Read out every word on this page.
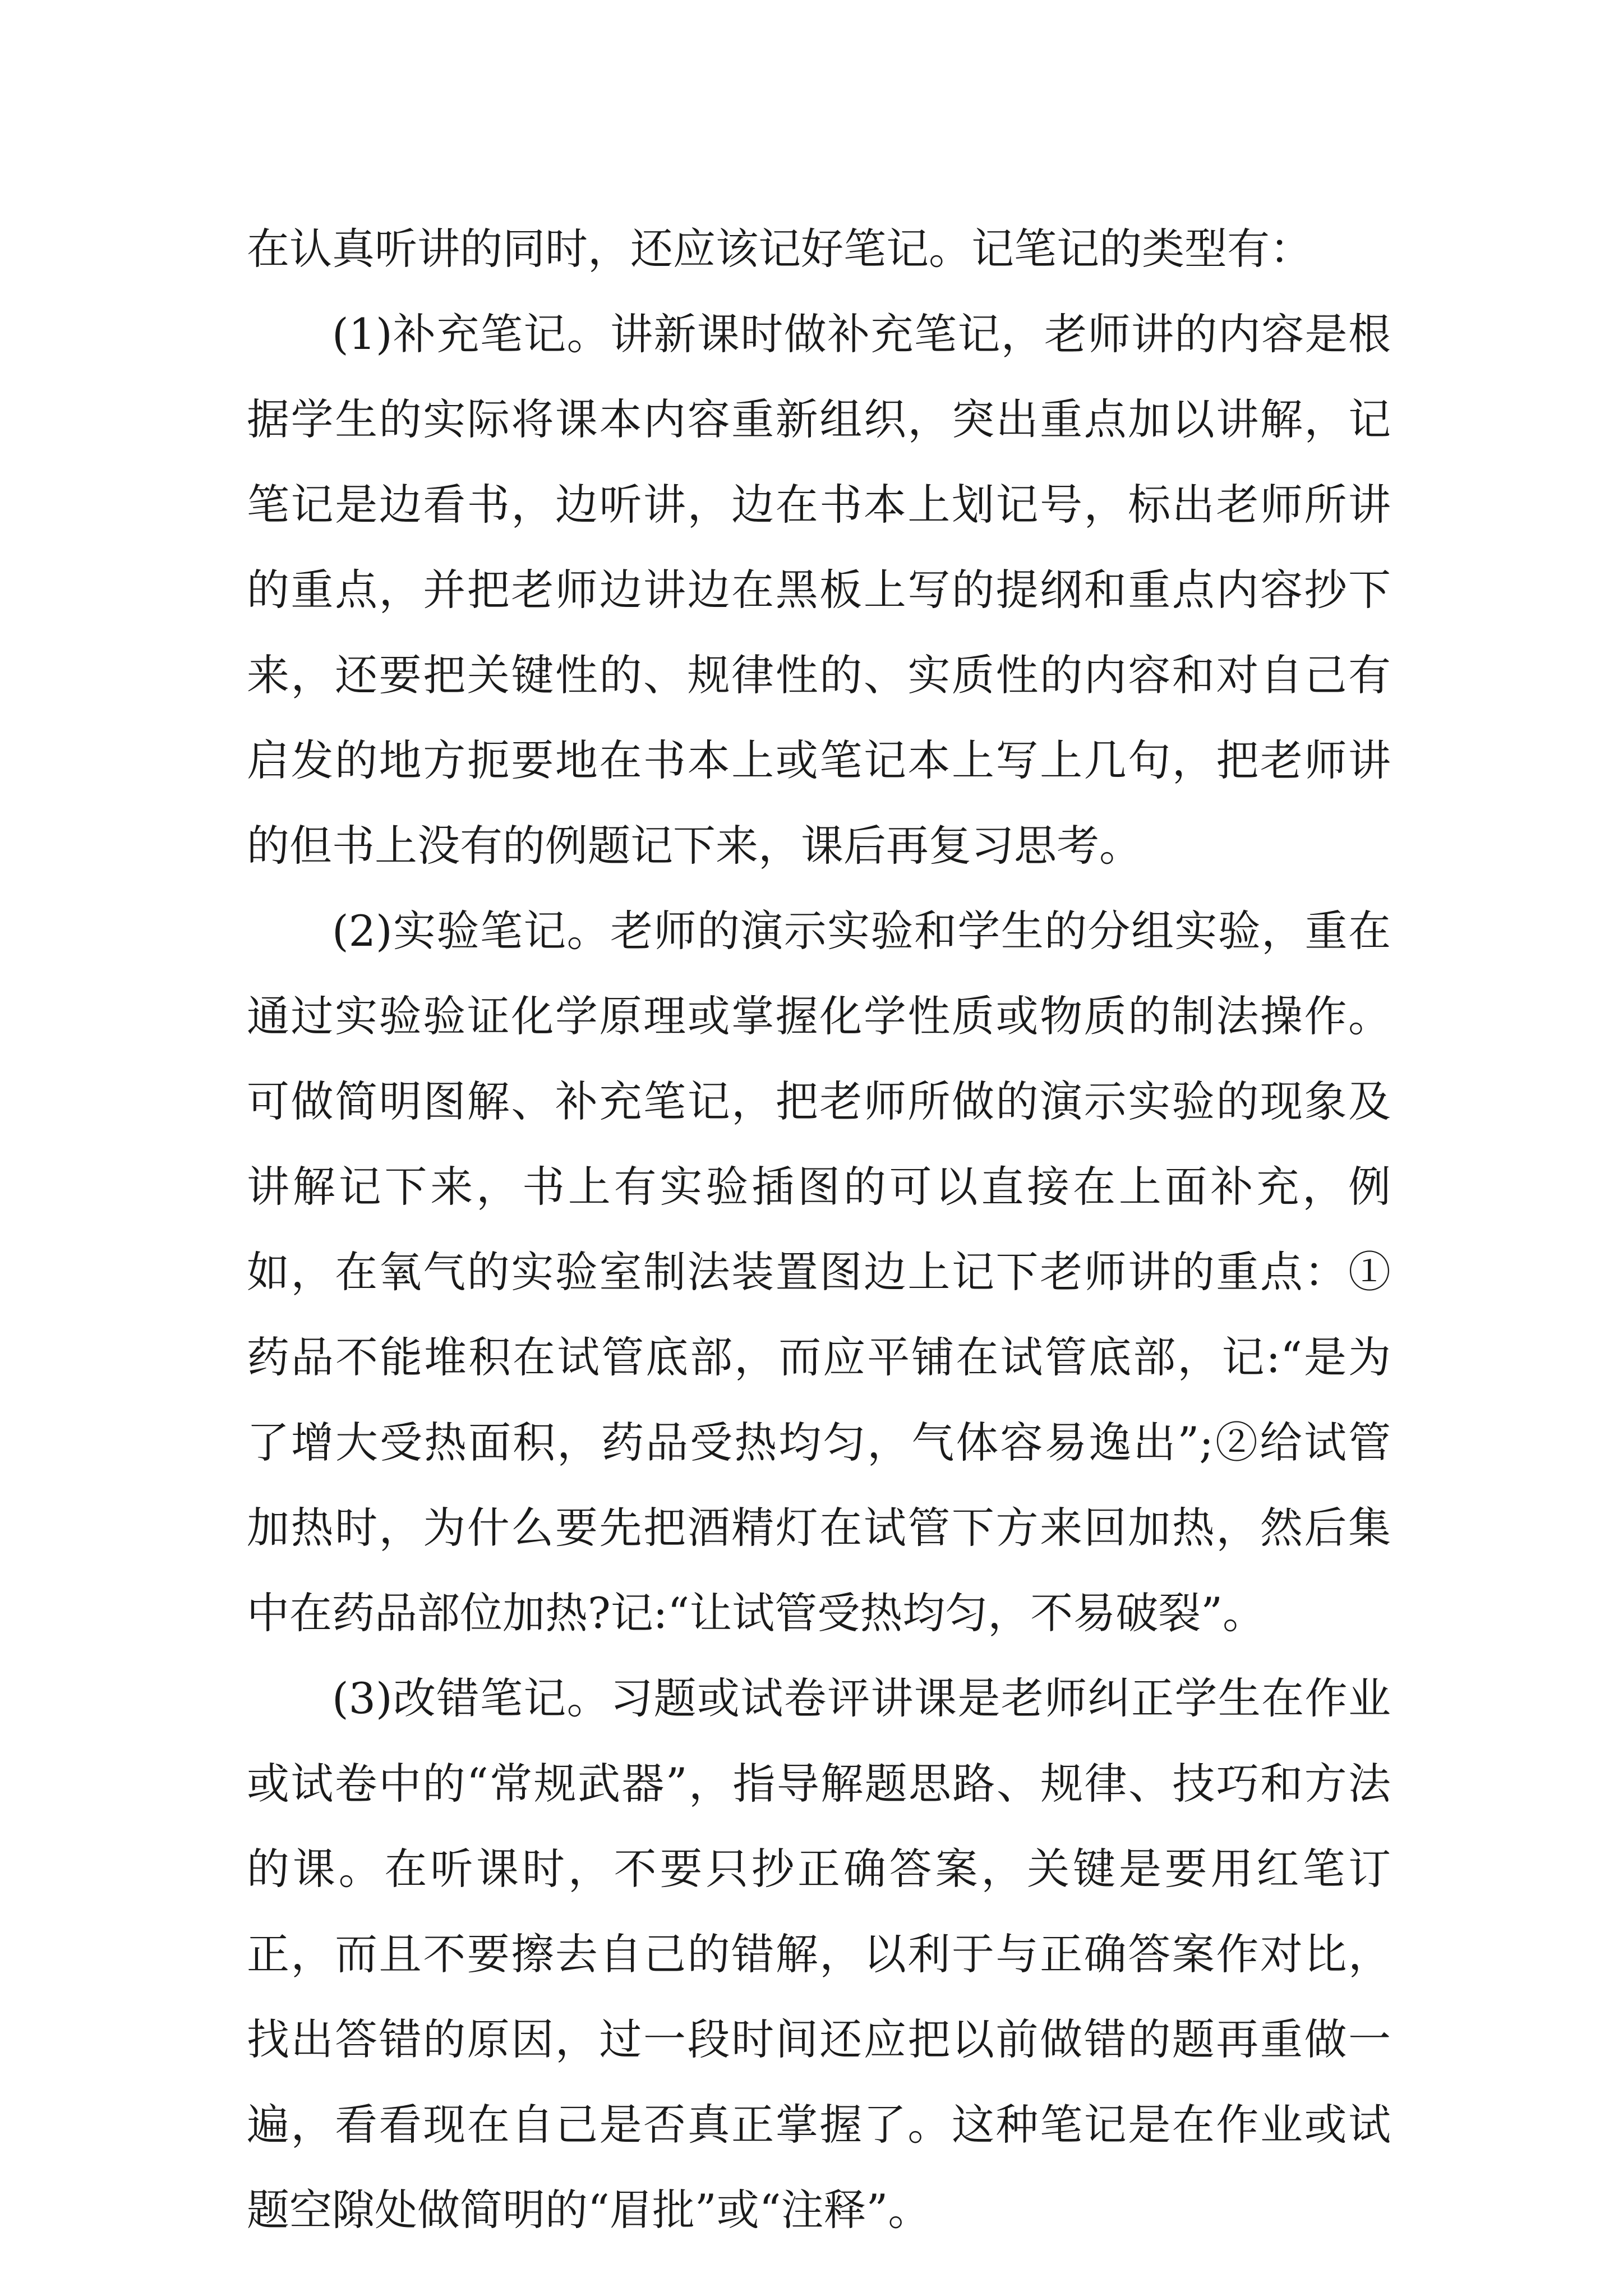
在认真听讲的同时，还应该记好笔记。记笔记的类型有：

(1)补充笔记。讲新课时做补充笔记，老师讲的内容是根据学生的实际将课本内容重新组织，突出重点加以讲解，记笔记是边看书，边听讲，边在书本上划记号，标出老师所讲的重点，并把老师边讲边在黑板上写的提纲和重点内容抄下来，还要把关键性的、规律性的、实质性的内容和对自己有启发的地方扼要地在书本上或笔记本上写上几句，把老师讲的但书上没有的例题记下来，课后再复习思考。

(2)实验笔记。老师的演示实验和学生的分组实验，重在通过实验验证化学原理或掌握化学性质或物质的制法操作。可做简明图解、补充笔记，把老师所做的演示实验的现象及讲解记下来，书上有实验插图的可以直接在上面补充，例如，在氧气的实验室制法装置图边上记下老师讲的重点：①药品不能堆积在试管底部，而应平铺在试管底部，记:“是为了增大受热面积，药品受热均匀，气体容易逸出”;②给试管加热时，为什么要先把酒精灯在试管下方来回加热，然后集中在药品部位加热?记:“让试管受热均匀，不易破裂”。

(3)改错笔记。习题或试卷评讲课是老师纠正学生在作业或试卷中的“常规武器”，指导解题思路、规律、技巧和方法的课。在听课时，不要只抄正确答案，关键是要用红笔订正，而且不要擦去自己的错解，以利于与正确答案作对比，找出答错的原因，过一段时间还应把以前做错的题再重做一遍，看看现在自己是否真正掌握了。这种笔记是在作业或试题空隙处做简明的“眉批”或“注释”。
